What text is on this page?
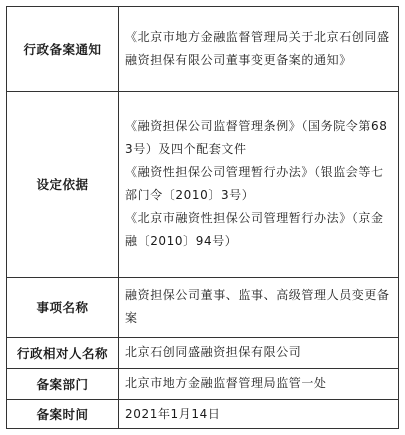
行政备案通知	《北京市地方金融监督管理局关于北京石创同盛融资担保有限公司董事变更备案的通知》
设定依据	《融资担保公司监督管理条例》（国务院令第683号）及四个配套文件
《融资性担保公司管理暂行办法》（银监会等七部门令〔2010〕3号）
《北京市融资性担保公司管理暂行办法》（京金融〔2010〕94号）

事项名称	融资担保公司董事、监事、高级管理人员变更备案
行政相对人名称	北京石创同盛融资担保有限公司
备案部门	北京市地方金融监督管理局监管一处
备案时间	2021年1月14日
